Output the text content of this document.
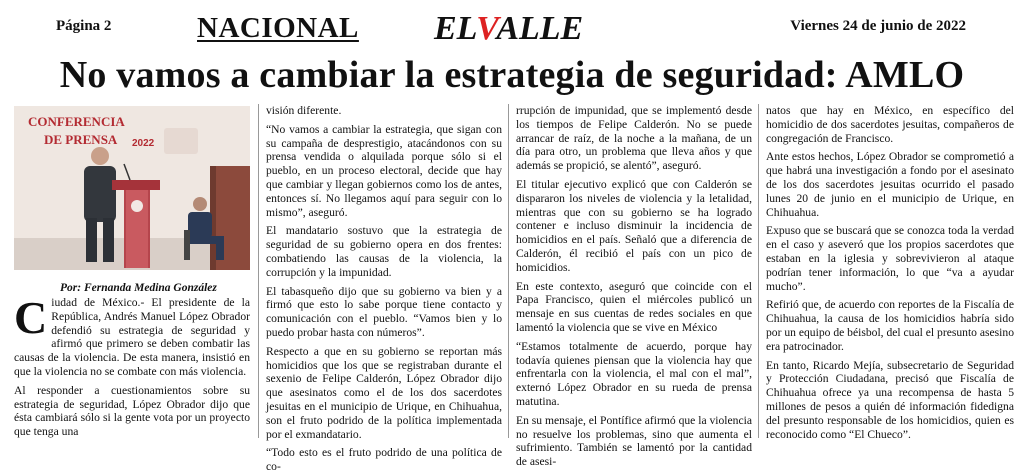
Página 2	NACIONAL ELVALLE	Viernes 24 de junio de 2022
No vamos a cambiar la estrategia de seguridad: AMLO
CONFERENCIA
DE PRENSA 2022
Por: Fernanda Medina González

Ciudad de México.- El presidente de la República, Andrés Manuel López Obrador defendió su estrategia de seguridad y afirmó que primero se deben combatir las causas de la violencia. De esta manera, insistió en que la violencia no se combate con más violencia.

Al responder a cuestionamientos sobre su estrategia de seguridad, López Obrador dijo que ésta cambiará sólo si la gente vota por un proyecto que tenga una

visión diferente.

“No vamos a cambiar la estrategia, que sigan con su campaña de desprestigio, atacándonos con su prensa vendida o alquilada porque sólo si el pueblo, en un proceso electoral, decide que hay que cambiar y llegan gobiernos como los de antes, entonces sí. No llegamos aquí para seguir con lo mismo”, aseguró.

El mandatario sostuvo que la estrategia de seguridad de su gobierno opera en dos frentes: combatiendo las causas de la violencia, la corrupción y la impunidad.

El tabasqueño dijo que su gobierno va bien y a firmó que esto lo sabe porque tiene contacto y comunicación con el pueblo. “Vamos bien y lo puedo probar hasta con números”.

Respecto a que en su gobierno se reportan más homicidios que los que se registraban durante el sexenio de Felipe Calderón, López Obrador dijo que asesinatos como el de los dos sacerdotes jesuitas en el municipio de Urique, en Chihuahua, son el fruto podrido de la política implementada por el exmandatario.

“Todo esto es el fruto podrido de una política de co-

rrupción de impunidad, que se implementó desde los tiempos de Felipe Calderón. No se puede arrancar de raíz, de la noche a la mañana, de un día para otro, un problema que lleva años y que además se propició, se alentó”, aseguró.

El titular ejecutivo explicó que con Calderón se dispararon los niveles de violencia y la letalidad, mientras que con su gobierno se ha logrado contener e incluso disminuir la incidencia de homicidios en el país. Señaló que a diferencia de Calderón, él recibió el país con un pico de homicidios.

En este contexto, aseguró que coincide con el Papa Francisco, quien el miércoles publicó un mensaje en sus cuentas de redes sociales en que lamentó la violencia que se vive en México

“Estamos totalmente de acuerdo, porque hay todavía quienes piensan que la violencia hay que enfrentarla con la violencia, el mal con el mal”, externó López Obrador en su rueda de prensa matutina.

En su mensaje, el Pontífice afirmó que la violencia no resuelve los problemas, sino que aumenta el sufrimiento. También se lamentó por la cantidad de asesi-

natos que hay en México, en específico del homicidio de dos sacerdotes jesuitas, compañeros de congregación de Francisco.

Ante estos hechos, López Obrador se comprometió a que habrá una investigación a fondo por el asesinato de los dos sacerdotes jesuitas ocurrido el pasado lunes 20 de junio en el municipio de Urique, en Chihuahua.

Expuso que se buscará que se conozca toda la verdad en el caso y aseveró que los propios sacerdotes que estaban en la iglesia y sobrevivieron al ataque podrían tener información, lo que “va a ayudar mucho”.

Refirió que, de acuerdo con reportes de la Fiscalía de Chihuahua, la causa de los homicidios habría sido por un equipo de béisbol, del cual el presunto asesino era patrocinador.

En tanto, Ricardo Mejía, subsecretario de Seguridad y Protección Ciudadana, precisó que Fiscalía de Chihuahua ofrece ya una recompensa de hasta 5 millones de pesos a quién dé información fidedigna del presunto responsable de los homicidios, quien es reconocido como “El Chueco”.
